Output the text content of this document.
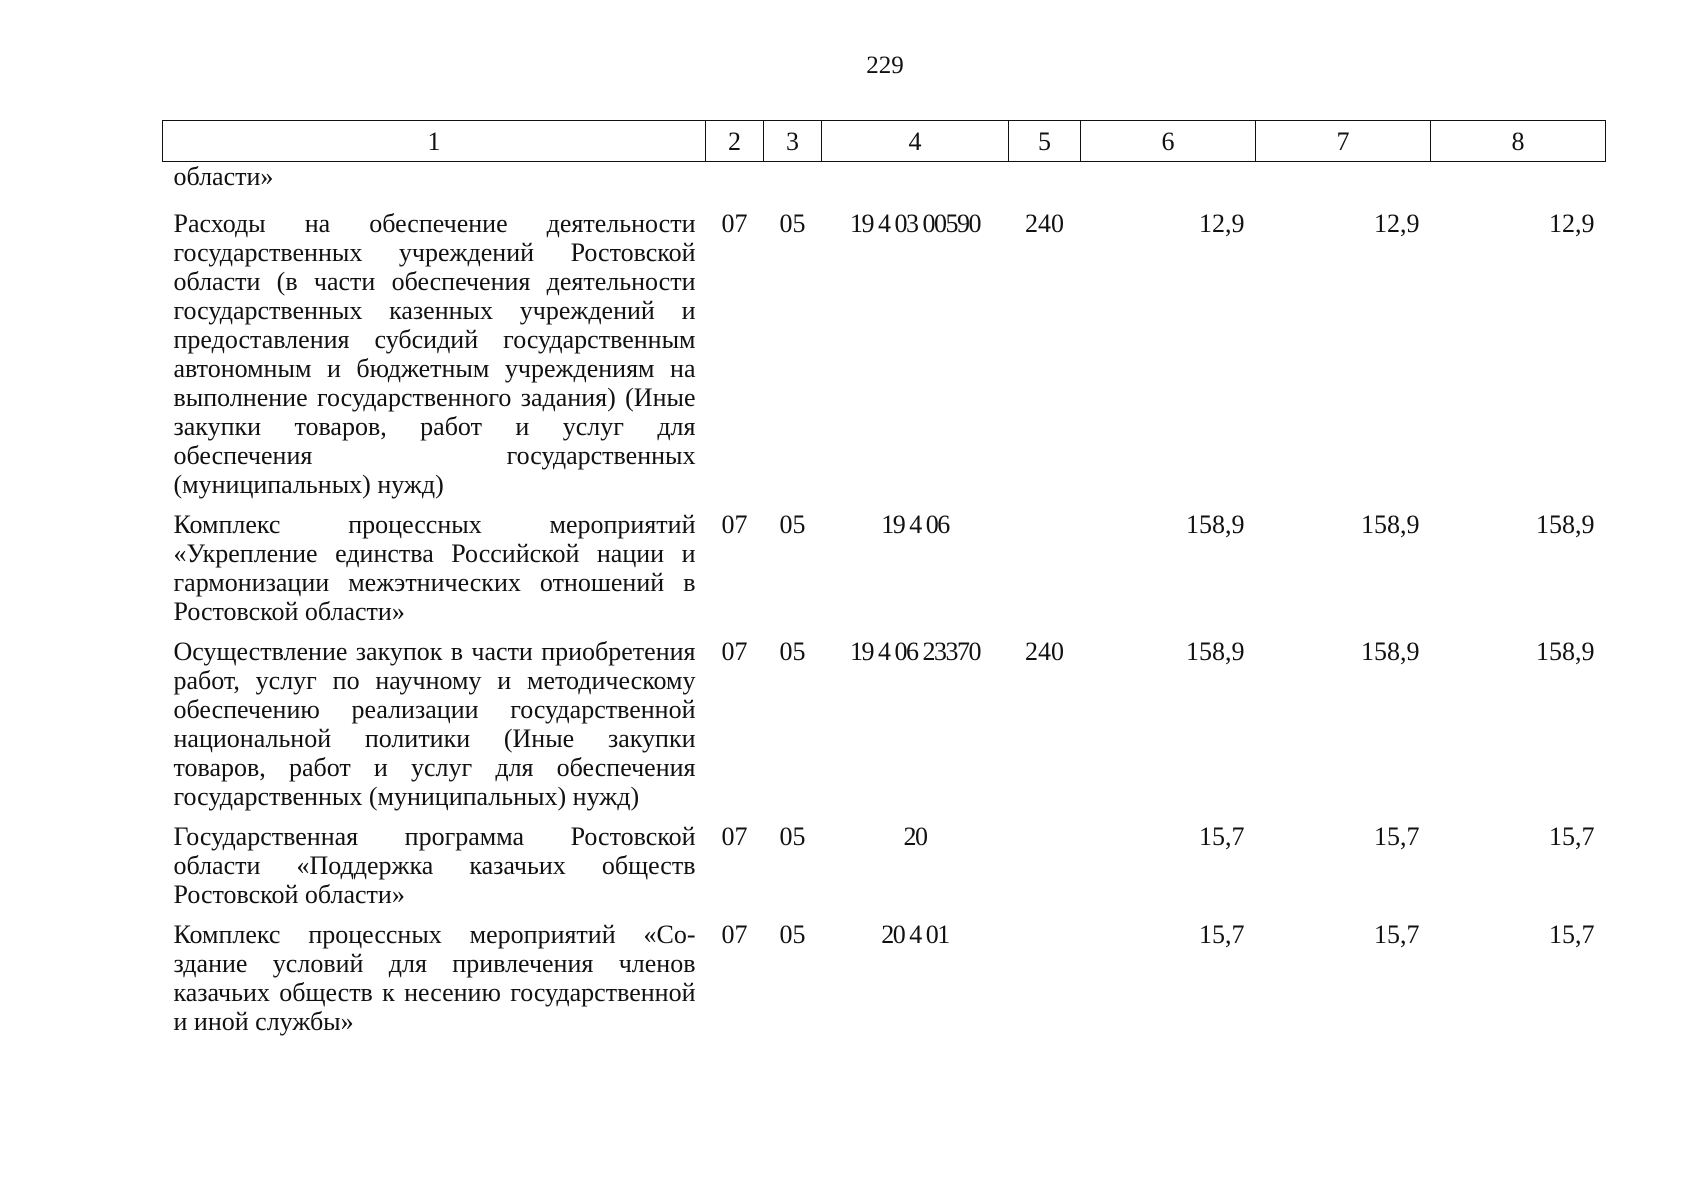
229
1	2	3	4	5	6	7	8
области»							
Расходы на обеспечение деятельности государственных учреждений Ростовской области (в части обеспечения деятельности государственных казенных учреждений и предоставления субсидий государственным автономным и бюджетным учреждениям на выполнение государственного задания) (Иные закупки товаров, работ и услуг для обеспечения государственных (муниципальных) нужд)	07	05	19 4 03 00590	240	12,9	12,9	12,9
Комплекс процессных мероприятий «Укрепление единства Российской нации и гармонизации межэтнических отношений в Ростовской области»	07	05	19 4 06		158,9	158,9	158,9
Осуществление закупок в части приобретения работ, услуг по научному и методическому обеспечению реализации государственной национальной политики (Иные закупки товаров, работ и услуг для обеспечения государственных (муниципальных) нужд)	07	05	19 4 06 23370	240	158,9	158,9	158,9
Государственная программа Ростовской области «Поддержка казачьих обществ Ростовской области»	07	05	20		15,7	15,7	15,7
Комплекс процессных мероприятий «Создание условий для привлечения членов казачьих обществ к несению государственной и иной службы»	07	05	20 4 01		15,7	15,7	15,7
